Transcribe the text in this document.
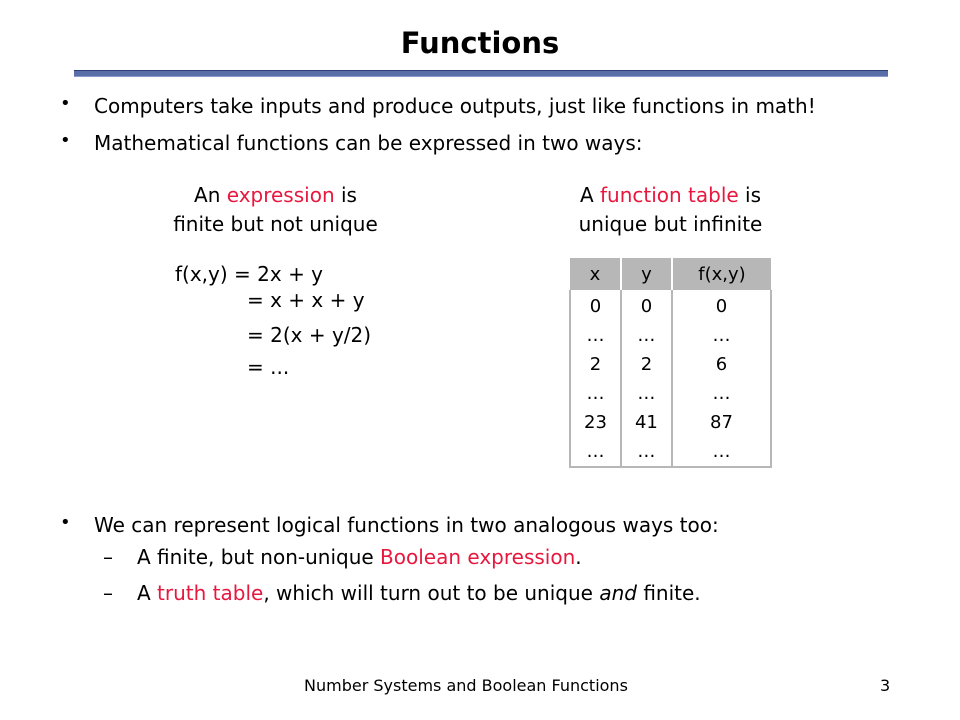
Functions
• Computers take inputs and produce outputs, just like functions in math!
• Mathematical functions can be expressed in two ways:
An expression is
finite but not unique
A function table is
unique but infinite
f(x,y) = 2x + y
= x + x + y
= 2(x + y/2)
= ...
x	y	f(x,y)
0	0	0
…	…	…
2	2	6
…	…	…
23	41	87
…	…	…
• We can represent logical functions in two analogous ways too:
– A finite, but non-unique Boolean expression.
– A truth table, which will turn out to be unique and finite.
Number Systems and Boolean Functions	3
